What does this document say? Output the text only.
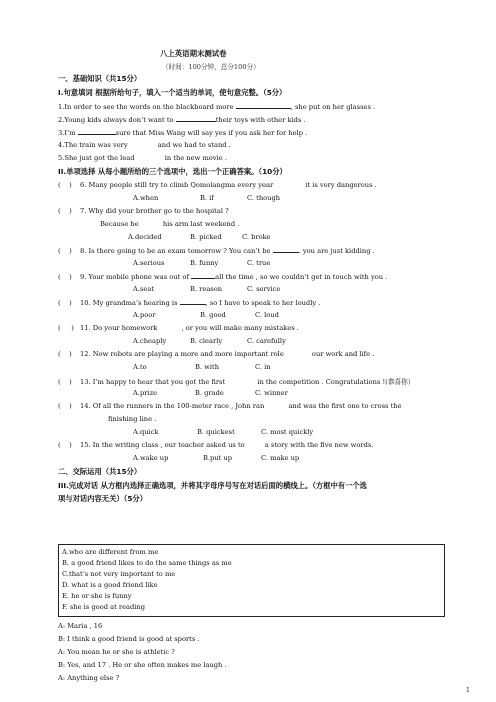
八上英语期末测试卷
（时间：100分钟，总分100分）
一、基础知识（共15分）
I.句意填词 根据所给句子，填入一个适当的单词，使句意完整。（5分）
1.In order to see the words on the blackboard more	, she put on her glasses .
2.Young kids always don’t want to	their toys with other kids .
3.I’m	sure that Miss Wang will say yes if you ask her for help .
4.The train was very	and we had to stand .
5.She just got the lead	in the new movie .
II.单项选择 从每小题所给的三个选项中，选出一个正确答案。（10分）
(    ) 6. Many people still try to climb Qomolangma every year	it is very dangerous .
A.when	B. if	C. though
(    ) 7. Why did your brother go to the hospital ?
Because he	his arm last weekend .
A.decided	B. picked	C. broke
(    ) 8. Is there going to be an exam tomorrow ? You can’t be	. you are just kidding .
A.serious	B. funny	C. true
(    ) 9. Your mobile phone was out of	all the time , so we couldn’t get in touch with you .
A.seat	B. reason	C. service
(    ) 10. My grandma’s hearing is	, so I have to speak to her loudly .
A.poor	B. good	C. loud
(     ) 11. Do your homework	, or you will make many mistakes .
A.cheaply	B. clearly	C. carefully
(    ) 12. Now robots are playing a more and more important role	our work and life .
A.to	B. with	C. in
(    ) 13. I’m happy to hear that you got the first	in the competition . Congratulations !(恭喜你）
A.prize	B. grade	C. winner
(    ) 14. Of all the runners in the 100-meter race , John ran	and was the first one to cross the
finishing line .
A.quick	B. quickest	C. most quickly
(    ) 15. In the writing class , our teacher asked us to	a story with the five new words.
A.wake up	B.put up	C. make up
二、交际运用（共15分）
III.完成对话 从方框内选择正确选项，并将其字母序号写在对话后面的横线上。（方框中有一个选
项与对话内容无关）（5分）
A.who are different from me
B. a good friend likes to do the same things as me
C.that’s not very important to me
D. what is a good friend like
E. he or she is funny
F. she is good at reading
A: Maria , 16
B: I think a good friend is good at sports .
A: You mean he or she is athletic ?
B: Yes, and 17 . He or she often makes me laugh .
A: Anything else ?
1
